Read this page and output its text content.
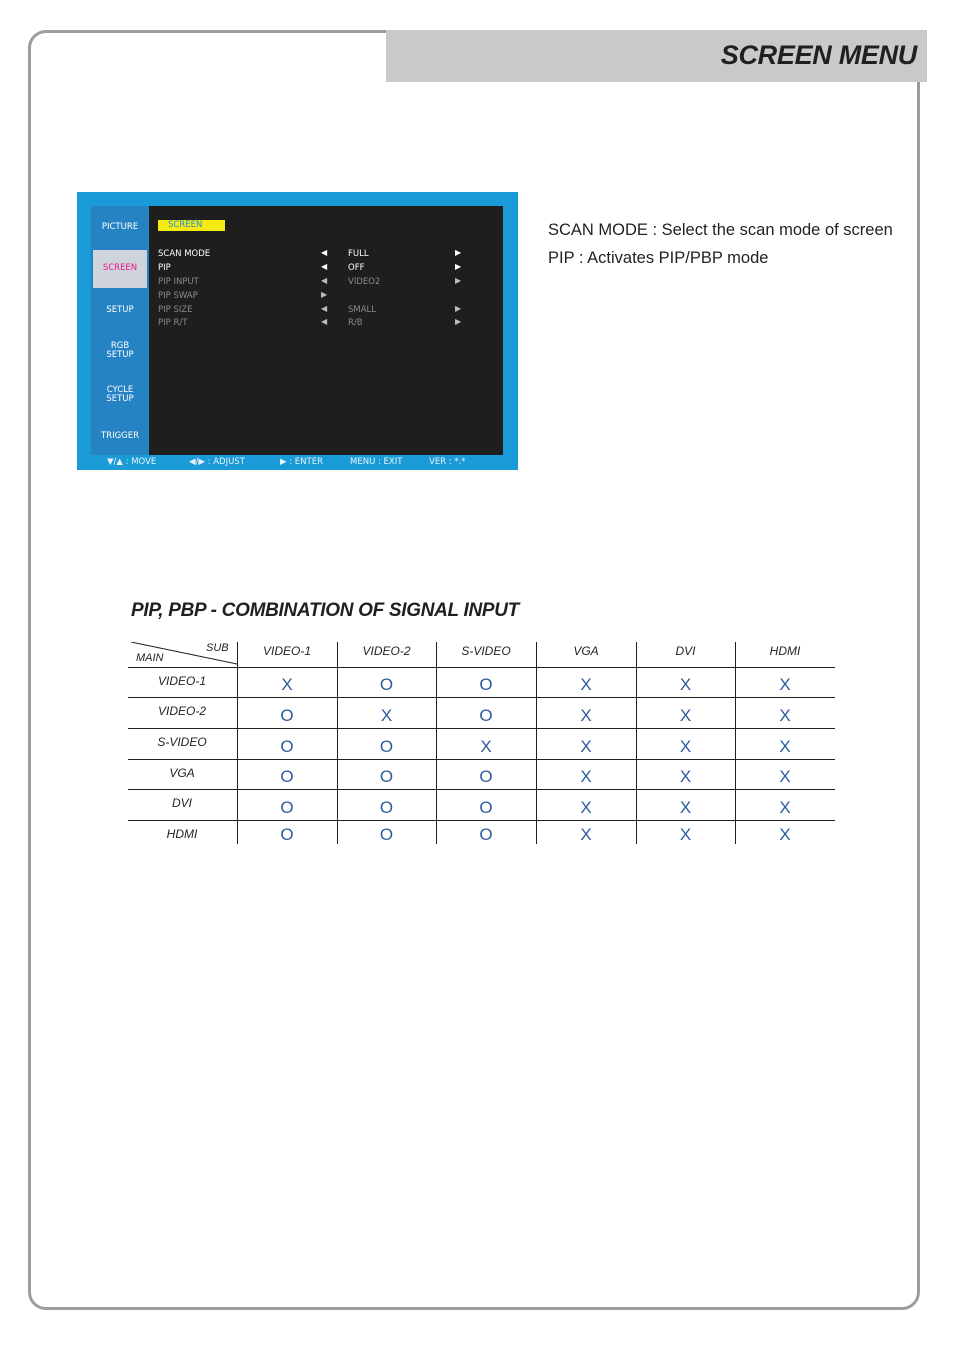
SCREEN MENU
PICTURE
SCREEN
SETUP
RGB
SETUP
CYCLE
SETUP
TRIGGER
SCREEN
SCAN MODE	◀ FULL	▶
PIP	◀ OFF	▶
PIP INPUT	◀ VIDEO2	▶
PIP SWAP	▶
PIP SIZE	◀ SMALL	▶
PIP R/T	◀ R/B	▶
▼/▲ : MOVE	◀/▶ : ADJUST	▶ : ENTER	MENU : EXIT	VER : *.*
SCAN MODE : Select the scan mode of screen
PIP : Activates PIP/PBP mode
PIP, PBP - COMBINATION OF SIGNAL INPUT
SUB
MAIN	VIDEO-1	VIDEO-2	S-VIDEO	VGA	DVI	HDMI
VIDEO-1	X	O	O	X	X	X
VIDEO-2	O	X	O	X	X	X
S-VIDEO	O	O	X	X	X	X
VGA	O	O	O	X	X	X
DVI	O	O	O	X	X	X
HDMI	O	O	O	X	X	X
